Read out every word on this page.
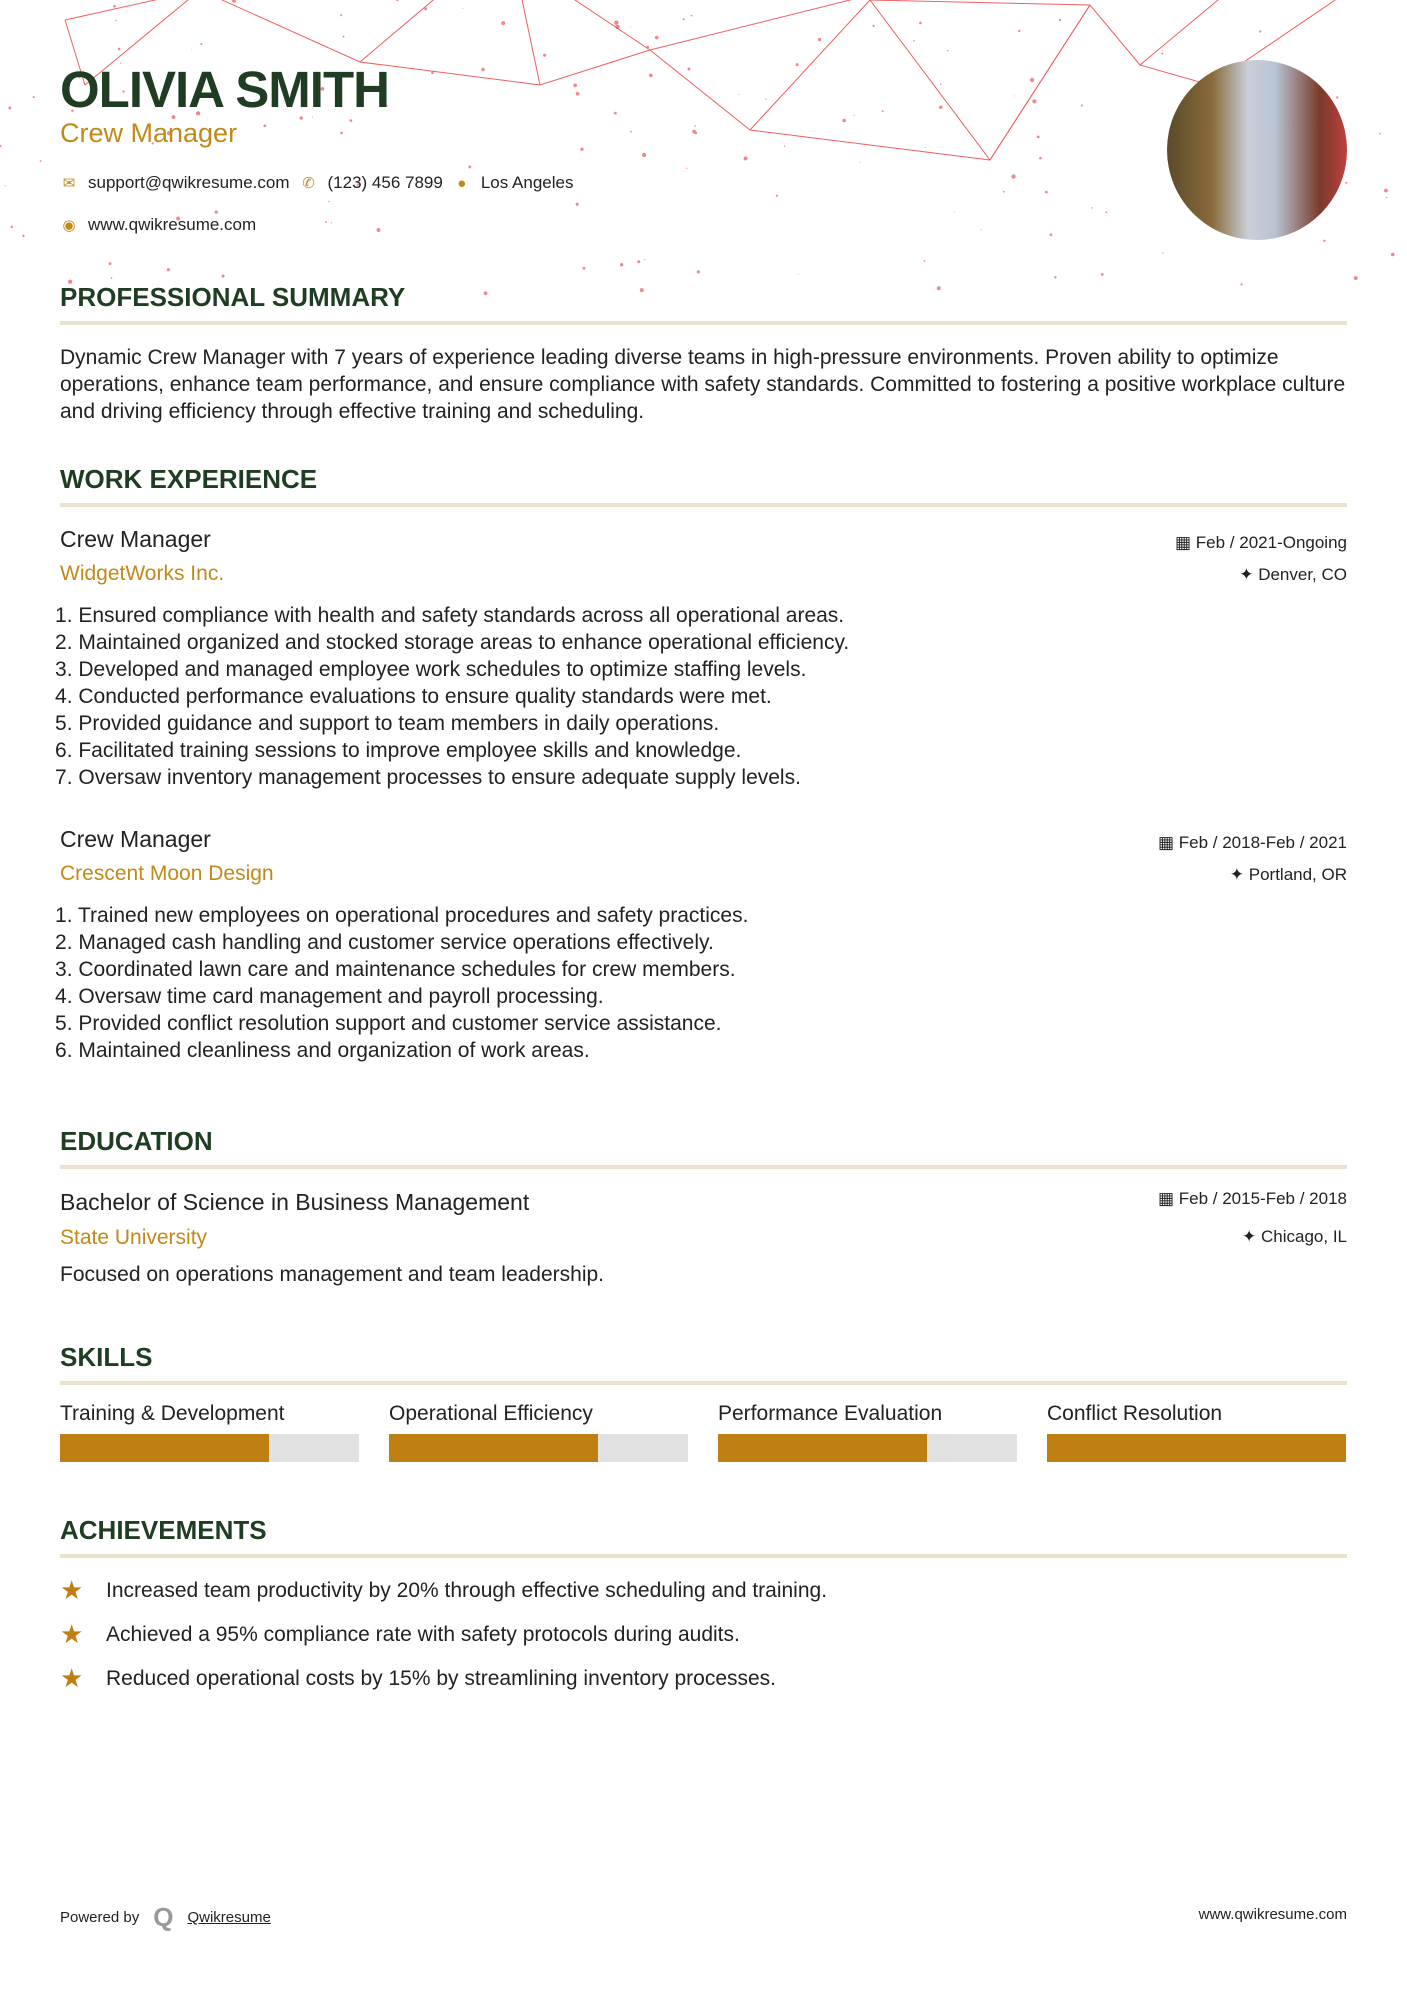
OLIVIA SMITH
Crew Manager
✉ support@qwikresume.com ✆ (123) 456 7899 ● Los Angeles
◉ www.qwikresume.com
PROFESSIONAL SUMMARY
Dynamic Crew Manager with 7 years of experience leading diverse teams in high-pressure environments. Proven ability to optimize operations, enhance team performance, and ensure compliance with safety standards. Committed to fostering a positive workplace culture and driving efficiency through effective training and scheduling.
WORK EXPERIENCE
Crew Manager
WidgetWorks Inc.
▦ Feb / 2021-Ongoing
✦ Denver, CO
Ensured compliance with health and safety standards across all operational areas.
Maintained organized and stocked storage areas to enhance operational efficiency.
Developed and managed employee work schedules to optimize staffing levels.
Conducted performance evaluations to ensure quality standards were met.
Provided guidance and support to team members in daily operations.
Facilitated training sessions to improve employee skills and knowledge.
Oversaw inventory management processes to ensure adequate supply levels.
Crew Manager
Crescent Moon Design
▦ Feb / 2018-Feb / 2021
✦ Portland, OR
Trained new employees on operational procedures and safety practices.
Managed cash handling and customer service operations effectively.
Coordinated lawn care and maintenance schedules for crew members.
Oversaw time card management and payroll processing.
Provided conflict resolution support and customer service assistance.
Maintained cleanliness and organization of work areas.
EDUCATION
Bachelor of Science in Business Management
State University
▦ Feb / 2015-Feb / 2018
✦ Chicago, IL
Focused on operations management and team leadership.
SKILLS
Training & Development	Operational Efficiency	Performance Evaluation	Conflict Resolution
ACHIEVEMENTS
★	Increased team productivity by 20% through effective scheduling and training.
★	Achieved a 95% compliance rate with safety protocols during audits.
★	Reduced operational costs by 15% by streamlining inventory processes.
Powered by Q Qwikresume	www.qwikresume.com
